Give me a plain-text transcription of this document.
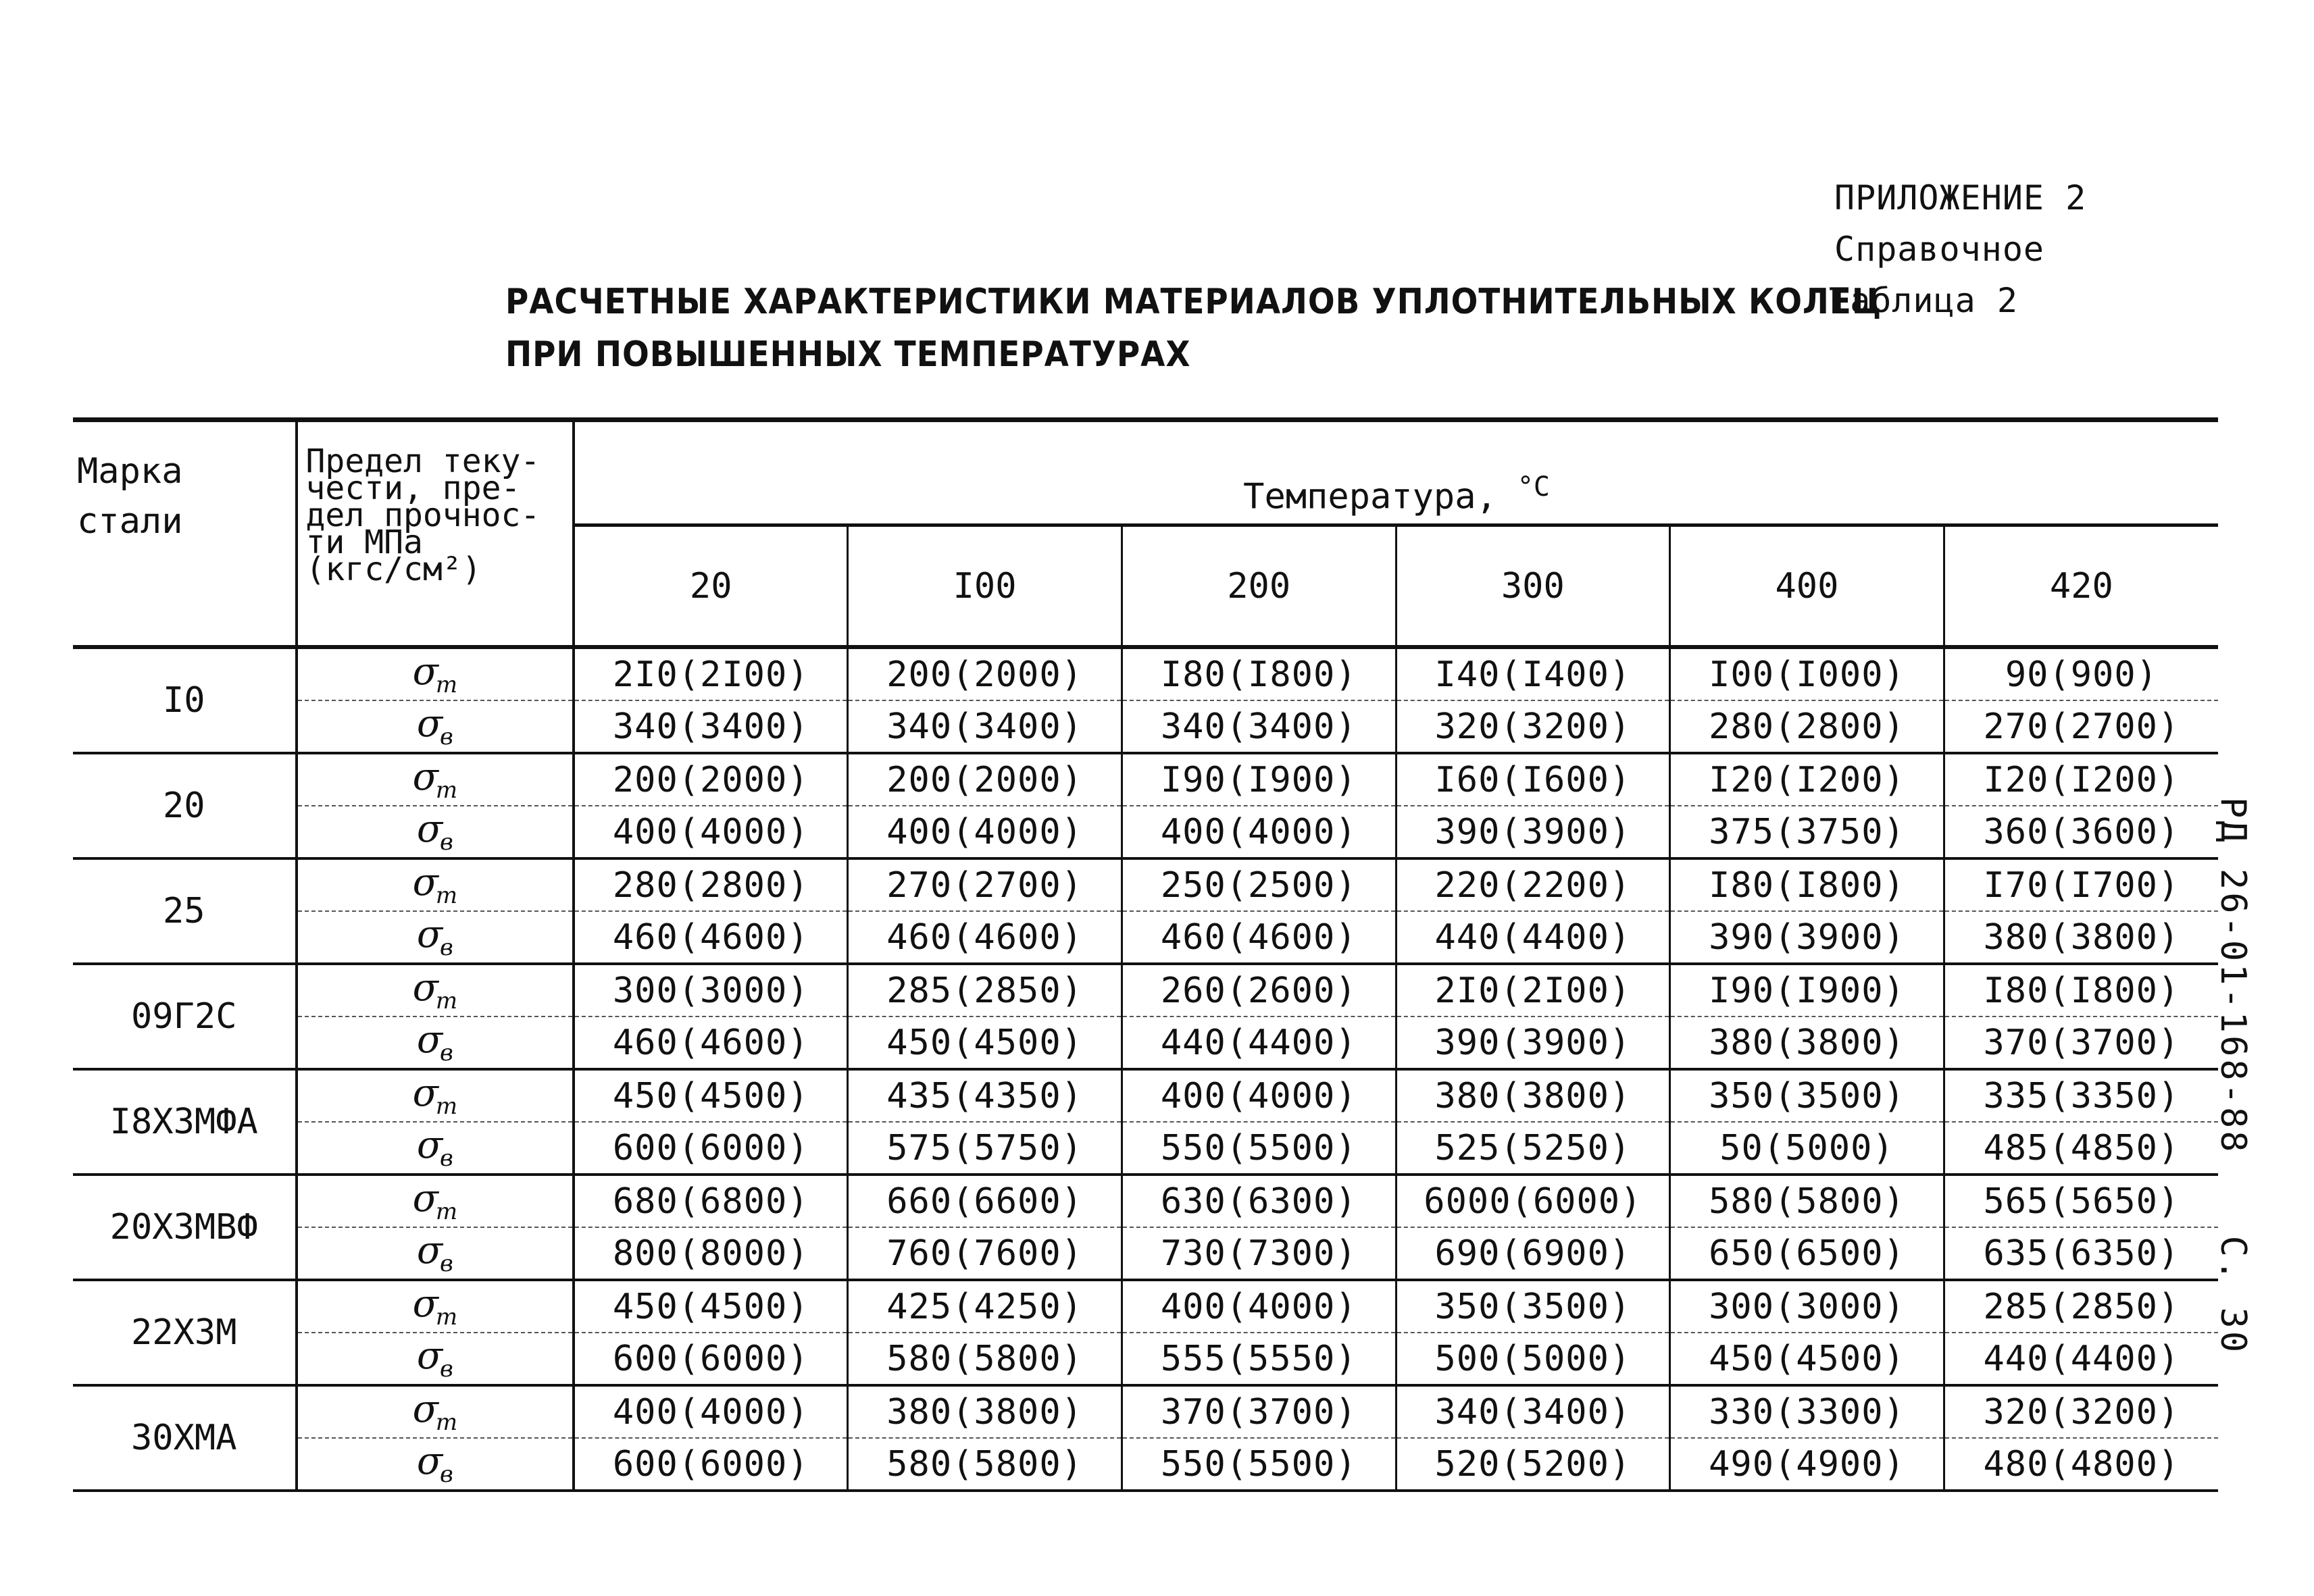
ПРИЛОЖЕНИЕ 2
Справочное
Таблица 2
РАСЧЕТНЫЕ ХАРАКТЕРИСТИКИ МАТЕРИАЛОВ УПЛОТНИТЕЛЬНЫХ КОЛЕЦ
ПРИ ПОВЫШЕННЫХ ТЕМПЕРАТУРАХ
РД 26-01-168-88С. 30
Марка
стали	Предел теку-
чести, пре-
дел прочнос-
ти МПа
(кгс/см²)	Температура, $^{^\circ С}$
		20	I00	200	300	400	420
I0	$\sigma_т$	2I0(2I00)	200(2000)	I80(I800)	I40(I400)	I00(I000)	90(900)
	$\sigma_в$	340(3400)	340(3400)	340(3400)	320(3200)	280(2800)	270(2700)
20	$\sigma_т$	200(2000)	200(2000)	I90(I900)	I60(I600)	I20(I200)	I20(I200)
	$\sigma_в$	400(4000)	400(4000)	400(4000)	390(3900)	375(3750)	360(3600)
25	$\sigma_т$	280(2800)	270(2700)	250(2500)	220(2200)	I80(I800)	I70(I700)
	$\sigma_в$	460(4600)	460(4600)	460(4600)	440(4400)	390(3900)	380(3800)
09Г2С	$\sigma_т$	300(3000)	285(2850)	260(2600)	2I0(2I00)	I90(I900)	I80(I800)
	$\sigma_в$	460(4600)	450(4500)	440(4400)	390(3900)	380(3800)	370(3700)
I8Х3МФА	$\sigma_т$	450(4500)	435(4350)	400(4000)	380(3800)	350(3500)	335(3350)
	$\sigma_в$	600(6000)	575(5750)	550(5500)	525(5250)	50(5000)	485(4850)
20Х3МВФ	$\sigma_т$	680(6800)	660(6600)	630(6300)	6000(6000)	580(5800)	565(5650)
	$\sigma_в$	800(8000)	760(7600)	730(7300)	690(6900)	650(6500)	635(6350)
22Х3М	$\sigma_т$	450(4500)	425(4250)	400(4000)	350(3500)	300(3000)	285(2850)
	$\sigma_в$	600(6000)	580(5800)	555(5550)	500(5000)	450(4500)	440(4400)
30ХМА	$\sigma_т$	400(4000)	380(3800)	370(3700)	340(3400)	330(3300)	320(3200)
	$\sigma_в$	600(6000)	580(5800)	550(5500)	520(5200)	490(4900)	480(4800)
